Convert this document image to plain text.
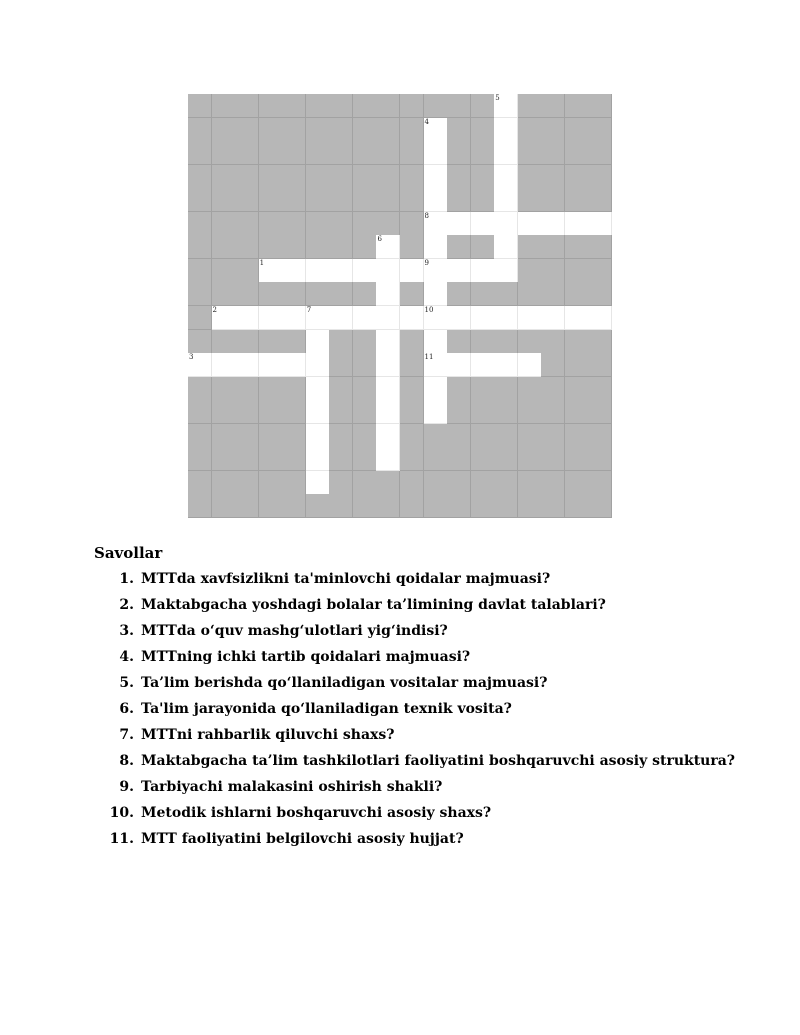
5
4
8
6
1	9
2	7	10
3	11
Savollar
1. MTTda xavfsizlikni ta'minlovchi qoidalar majmuasi?
2. Maktabgacha yoshdagi bolalar ta’limining davlat talablari?
3. MTTda o‘quv mashg‘ulotlari yig‘indisi?
4. MTTning ichki tartib qoidalari majmuasi?
5. Ta’lim berishda qo‘llaniladigan vositalar majmuasi?
6. Ta'lim jarayonida qo‘llaniladigan texnik vosita?
7. MTTni rahbarlik qiluvchi shaxs?
8. Maktabgacha ta’lim tashkilotlari faoliyatini boshqaruvchi asosiy struktura?
9. Tarbiyachi malakasini oshirish shakli?
10. Metodik ishlarni boshqaruvchi asosiy shaxs?
11. MTT faoliyatini belgilovchi asosiy hujjat?
